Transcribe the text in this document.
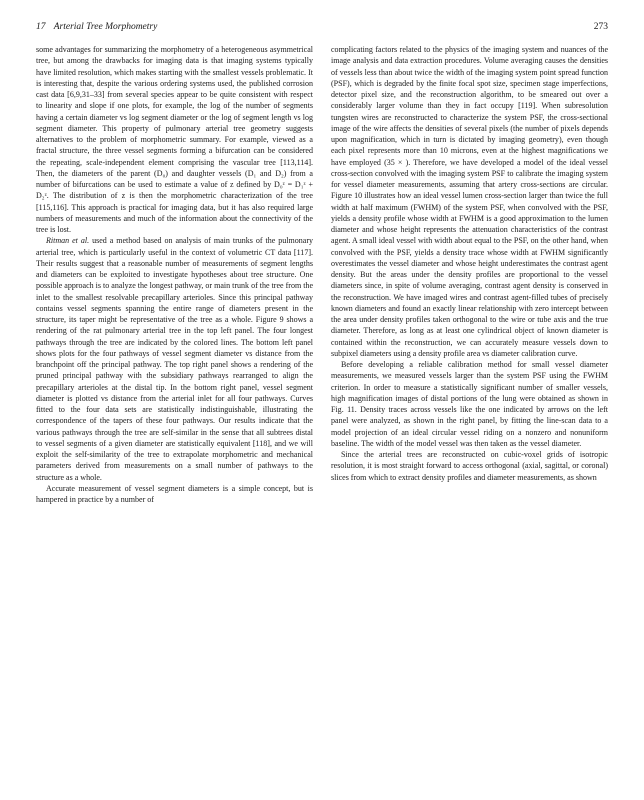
17 Arterial Tree Morphometry	273

some advantages for summarizing the morphometry of a heterogeneous asymmetrical tree, but among the drawbacks for imaging data is that imaging systems typically have limited resolution, which makes starting with the smallest vessels problematic. It is interesting that, despite the various ordering systems used, the published corrosion cast data [6,9,31–33] from several species appear to be quite consistent with respect to linearity and slope if one plots, for example, the log of the number of segments having a certain diameter vs log segment diameter or the log of segment length vs log segment diameter. This property of pulmonary arterial tree geometry suggests alternatives to the problem of morphometric summary. For example, viewed as a fractal structure, the three vessel segments forming a bifurcation can be considered the repeating, scale-independent element comprising the vascular tree [113,114]. Then, the diameters of the parent (D₀) and daughter vessels (D₁ and D₂) from a number of bifurcations can be used to estimate a value of z defined by D₀ᶻ = D₁ᶻ + D₂ᶻ. The distribution of z is then the morphometric characterization of the tree [115,116]. This approach is practical for imaging data, but it has also required large numbers of measurements and much of the information about the connectivity of the tree is lost.

Ritman et al. used a method based on analysis of main trunks of the pulmonary arterial tree, which is particularly useful in the context of volumetric CT data [117]. Their results suggest that a reasonable number of measurements of segment lengths and diameters can be exploited to investigate hypotheses about tree structure. One possible approach is to analyze the longest pathway, or main trunk of the tree from the inlet to the smallest resolvable precapillary arterioles. Since this principal pathway contains vessel segments spanning the entire range of diameters present in the structure, its taper might be representative of the tree as a whole. Figure 9 shows a rendering of the rat pulmonary arterial tree in the top left panel. The four longest pathways through the tree are indicated by the colored lines. The bottom left panel shows plots for the four pathways of vessel segment diameter vs distance from the branchpoint off the principal pathway. The top right panel shows a rendering of the pruned principal pathway with the subsidiary pathways rearranged to align the precapillary arterioles at the distal tip. In the bottom right panel, vessel segment diameter is plotted vs distance from the arterial inlet for all four pathways. Curves fitted to the four data sets are statistically indistinguishable, illustrating the correspondence of the tapers of these four pathways. Our results indicate that the various pathways through the tree are self-similar in the sense that all subtrees distal to vessel segments of a given diameter are statistically equivalent [118], and we will exploit the self-similarity of the tree to extrapolate morphometric and mechanical parameters derived from measurements on a small number of pathways to the structure as a whole.

Accurate measurement of vessel segment diameters is a simple concept, but is hampered in practice by a number of

complicating factors related to the physics of the imaging system and nuances of the image analysis and data extraction procedures. Volume averaging causes the densities of vessels less than about twice the width of the imaging system point spread function (PSF), which is degraded by the finite focal spot size, specimen stage imperfections, detector pixel size, and the reconstruction algorithm, to be smeared out over a considerably larger volume than they in fact occupy [119]. When subresolution tungsten wires are reconstructed to characterize the system PSF, the cross-sectional image of the wire affects the densities of several pixels (the number of pixels depends upon magnification, which in turn is dictated by imaging geometry), even though each pixel represents more than 10 microns, even at the highest magnifications we have employed (35 × ). Therefore, we have developed a model of the ideal vessel cross-section convolved with the imaging system PSF to calibrate the imaging system for vessel diameter measurements, assuming that artery cross-sections are circular. Figure 10 illustrates how an ideal vessel lumen cross-section larger than twice the full width at half maximum (FWHM) of the system PSF, when convolved with the PSF, yields a density profile whose width at FWHM is a good approximation to the lumen diameter and whose height represents the attenuation characteristics of the contrast agent. A small ideal vessel with width about equal to the PSF, on the other hand, when convolved with the PSF, yields a density trace whose width at FWHM significantly overestimates the vessel diameter and whose height underestimates the contrast agent density. But the areas under the density profiles are proportional to the vessel diameters since, in spite of volume averaging, contrast agent density is conserved in the reconstruction. We have imaged wires and contrast agent-filled tubes of precisely known diameters and found an exactly linear relationship with zero intercept between the area under density profiles taken orthogonal to the wire or tube axis and the true diameter. Therefore, as long as at least one cylindrical object of known diameter is contained within the reconstruction, we can accurately measure vessels down to subpixel diameters using a density profile area vs diameter calibration curve.

Before developing a reliable calibration method for small vessel diameter measurements, we measured vessels larger than the system PSF using the FWHM criterion. In order to measure a statistically significant number of smaller vessels, high magnification images of distal portions of the lung were obtained as shown in Fig. 11. Density traces across vessels like the one indicated by arrows on the left panel were analyzed, as shown in the right panel, by fitting the line-scan data to a model projection of an ideal circular vessel riding on a nonzero and nonuniform baseline. The width of the model vessel was then taken as the vessel diameter.

Since the arterial trees are reconstructed on cubic-voxel grids of isotropic resolution, it is most straight forward to access orthogonal (axial, sagittal, or coronal) slices from which to extract density profiles and diameter measurements, as shown
